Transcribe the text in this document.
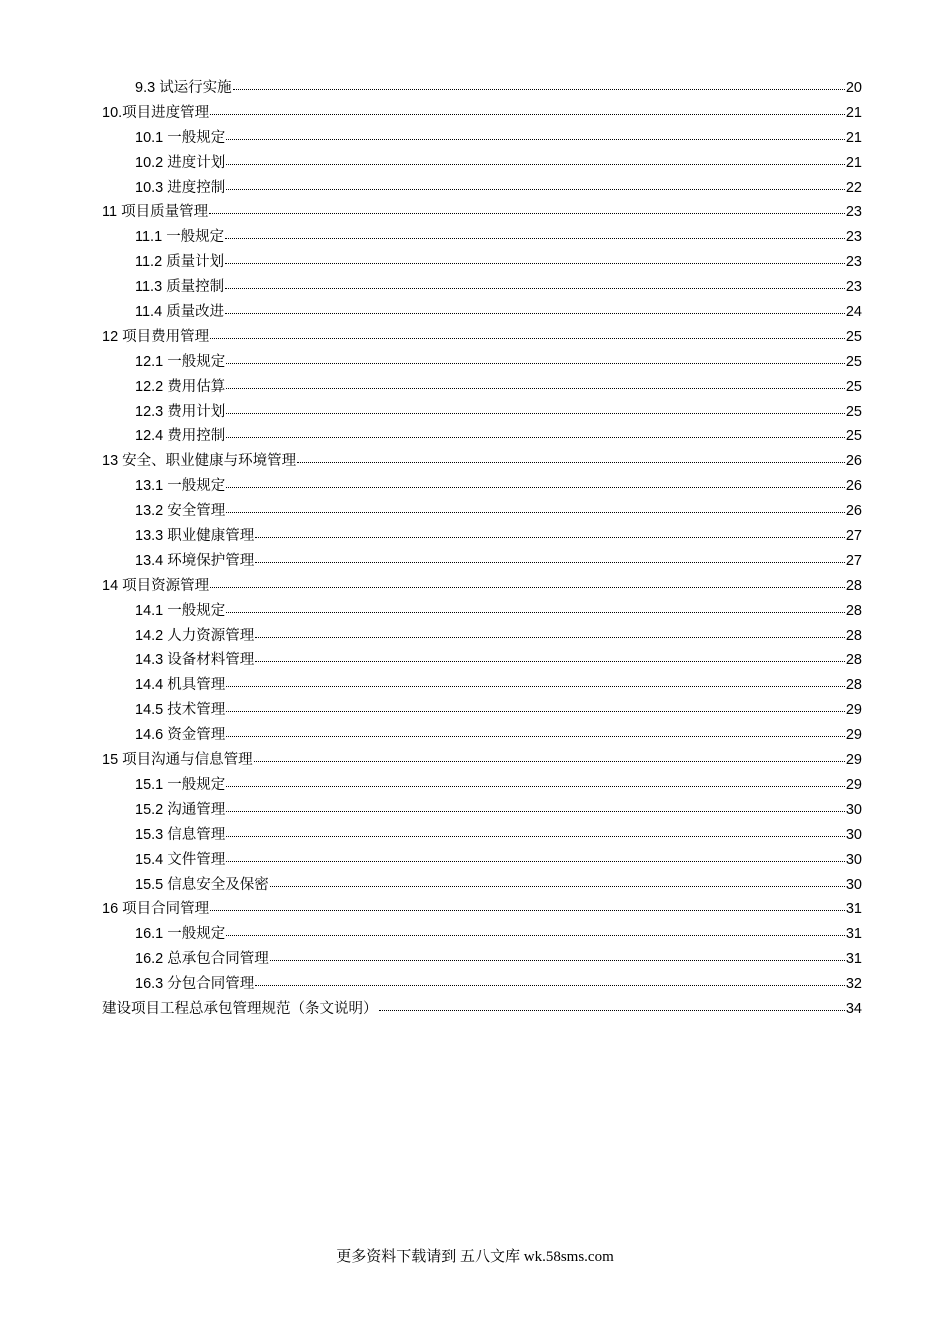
9.3 试运行实施	20
10. 项目进度管理	21
10.1 一般规定	21
10.2 进度计划	21
10.3 进度控制	22
11 项目质量管理	23
11.1 一般规定	23
11.2 质量计划	23
11.3 质量控制	23
11.4 质量改进	24
12 项目费用管理	25
12.1 一般规定	25
12.2 费用估算	25
12.3 费用计划	25
12.4 费用控制	25
13 安全、职业健康与环境管理	26
13.1 一般规定	26
13.2 安全管理	26
13.3 职业健康管理	27
13.4 环境保护管理	27
14 项目资源管理	28
14.1 一般规定	28
14.2 人力资源管理	28
14.3 设备材料管理	28
14.4 机具管理	28
14.5 技术管理	29
14.6 资金管理	29
15 项目沟通与信息管理	29
15.1 一般规定	29
15.2 沟通管理	30
15.3 信息管理	30
15.4 文件管理	30
15.5 信息安全及保密	30
16 项目合同管理	31
16.1 一般规定	31
16.2 总承包合同管理	31
16.3 分包合同管理	32
建设项目工程总承包管理规范（条文说明）	34
更多资料下载请到 五八文库 wk.58sms.com
